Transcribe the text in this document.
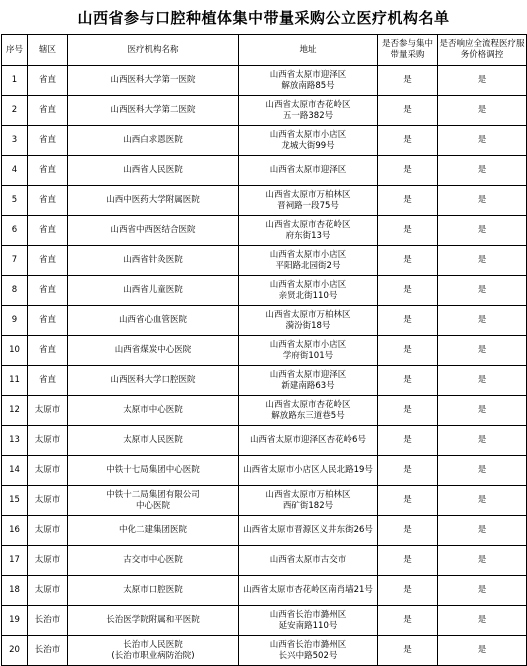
山西省参与口腔种植体集中带量采购公立医疗机构名单
序号	辖区	医疗机构名称	地址	是否参与集中带量采购	是否响应全流程医疗服务价格调控
1	省直	山西医科大学第一医院	山西省太原市迎泽区
解放南路85号	是	是
2	省直	山西医科大学第二医院	山西省太原市杏花岭区
五一路382号	是	是
3	省直	山西白求恩医院	山西省太原市小店区
龙城大街99号	是	是
4	省直	山西省人民医院	山西省太原市迎泽区	是	是
5	省直	山西中医药大学附属医院	山西省太原市万柏林区
晋祠路一段75号	是	是
6	省直	山西省中西医结合医院	山西省太原市杏花岭区
府东街13号	是	是
7	省直	山西省针灸医院	山西省太原市小店区
平阳路北园街2号	是	是
8	省直	山西省儿童医院	山西省太原市小店区
亲贤北街110号	是	是
9	省直	山西省心血管医院	山西省太原市万柏林区
漪汾街18号	是	是
10	省直	山西省煤炭中心医院	山西省太原市小店区
学府街101号	是	是
11	省直	山西医科大学口腔医院	山西省太原市迎泽区
新建南路63号	是	是
12	太原市	太原市中心医院	山西省太原市杏花岭区
解放路东三道巷5号	是	是
13	太原市	太原市人民医院	山西省太原市迎泽区杏花岭6号	是	是
14	太原市	中铁十七局集团中心医院	山西省太原市小店区人民北路19号	是	是
15	太原市	中铁十二局集团有限公司
中心医院	山西省太原市万柏林区
西矿街182号	是	是
16	太原市	中化二建集团医院	山西省太原市晋源区义井东街26号	是	是
17	太原市	古交市中心医院	山西省太原市古交市	是	是
18	太原市	太原市口腔医院	山西省太原市杏花岭区南肖墙21号	是	是
19	长治市	长治医学院附属和平医院	山西省长治市潞州区
延安南路110号	是	是
20	长治市	长治市人民医院
(长治市职业病防治院)	山西省长治市潞州区
长兴中路502号	是	是
